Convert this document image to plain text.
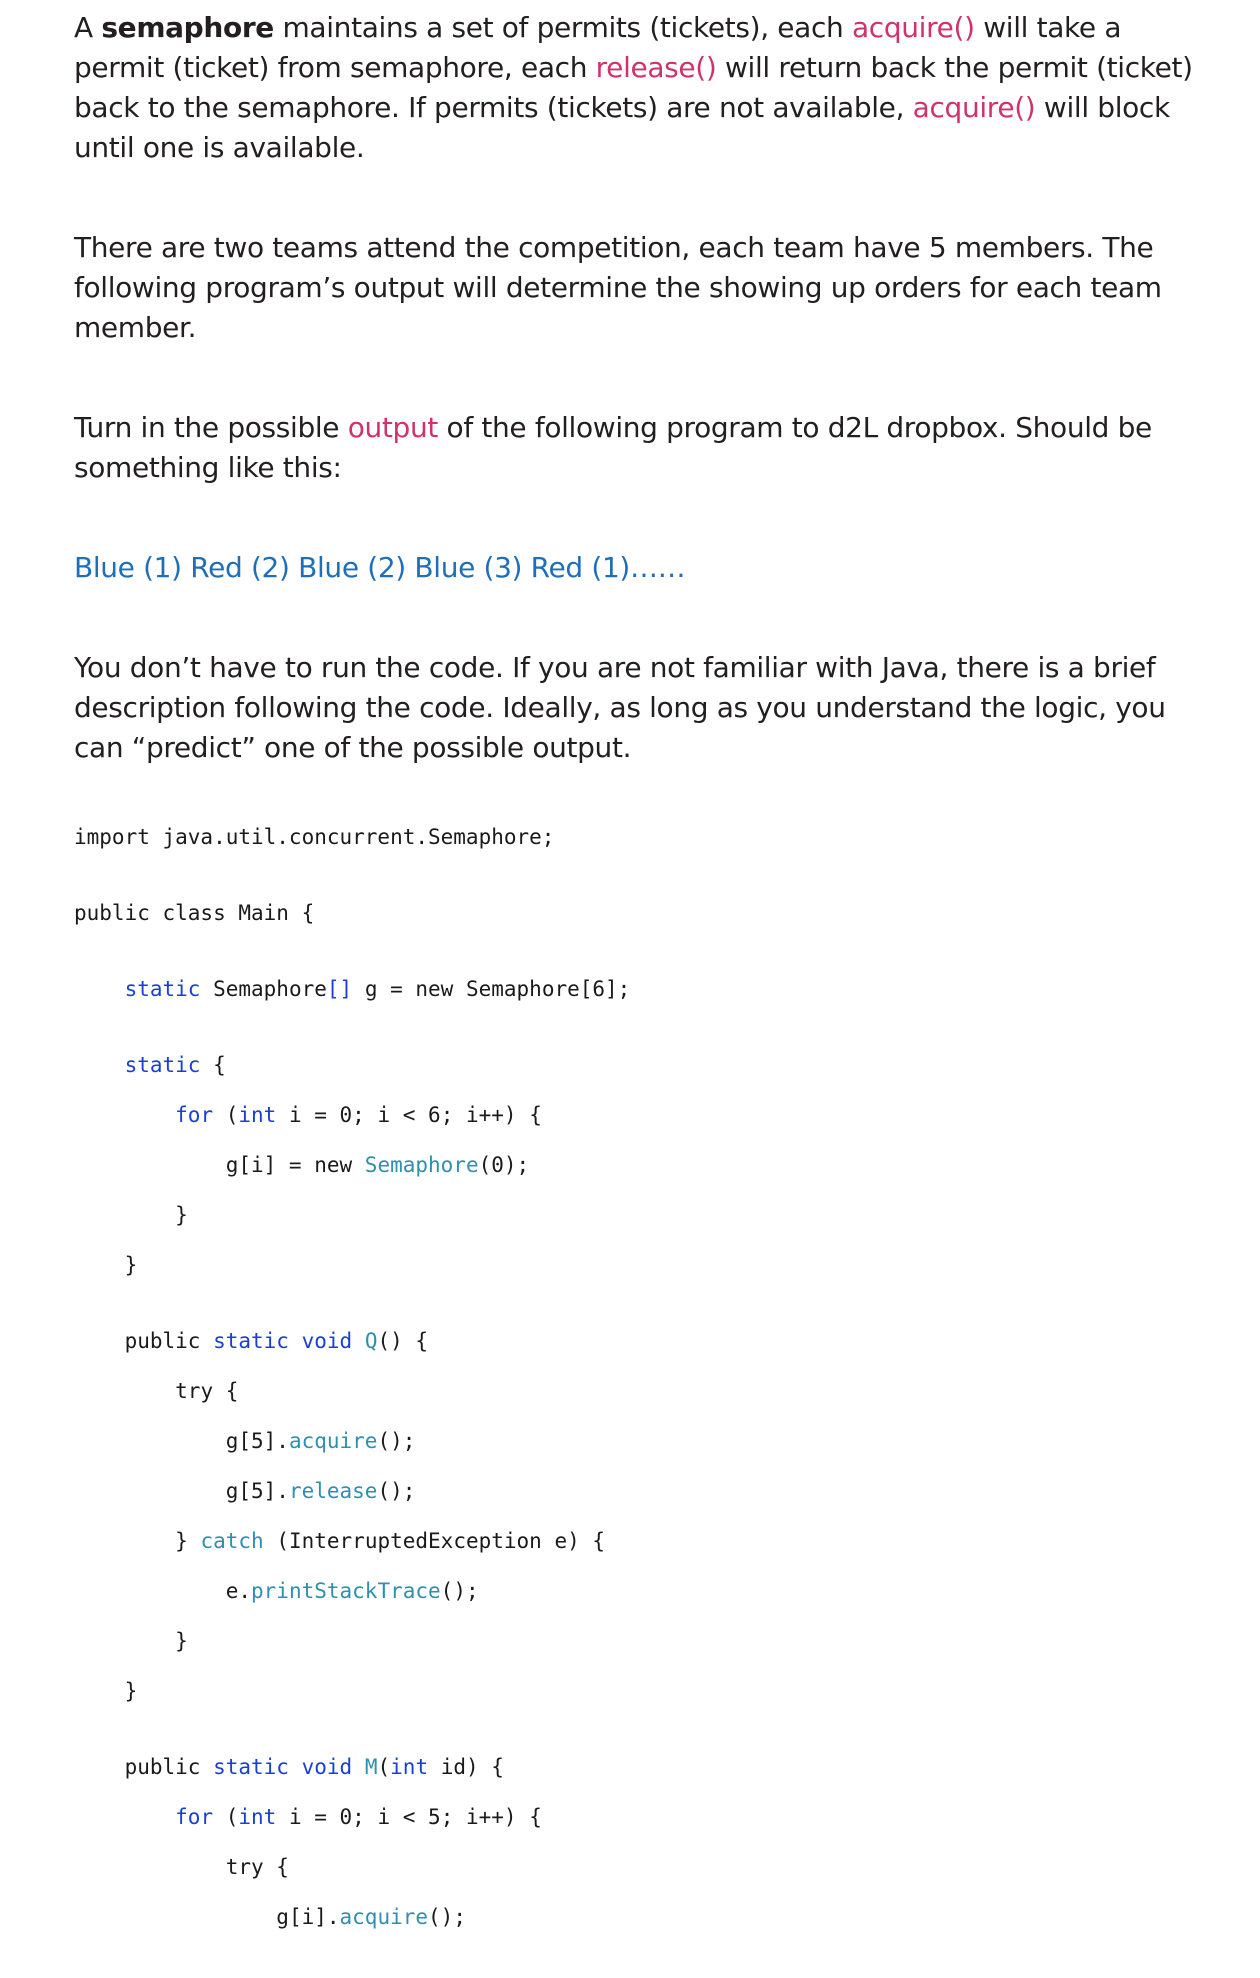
A semaphore maintains a set of permits (tickets), each acquire() will take a permit (ticket) from semaphore, each release() will return back the permit (ticket) back to the semaphore. If permits (tickets) are not available, acquire() will block until one is available.

There are two teams attend the competition, each team have 5 members. The following program’s output will determine the showing up orders for each team member.

Turn in the possible output of the following program to d2L dropbox. Should be something like this:

Blue (1) Red (2) Blue (2) Blue (3) Red (1)……

You don’t have to run the code. If you are not familiar with Java, there is a brief description following the code. Ideally, as long as you understand the logic, you can “predict” one of the possible output.

import java.util.concurrent.Semaphore;

public class Main {

static Semaphore[] g = new Semaphore[6];

static {

for (int i = 0; i < 6; i++) {

g[i] = new Semaphore(0);

}

}

public static void Q() {

try {

g[5].acquire();

g[5].release();

} catch (InterruptedException e) {

e.printStackTrace();

}

}

public static void M(int id) {

for (int i = 0; i < 5; i++) {

try {

g[i].acquire();
